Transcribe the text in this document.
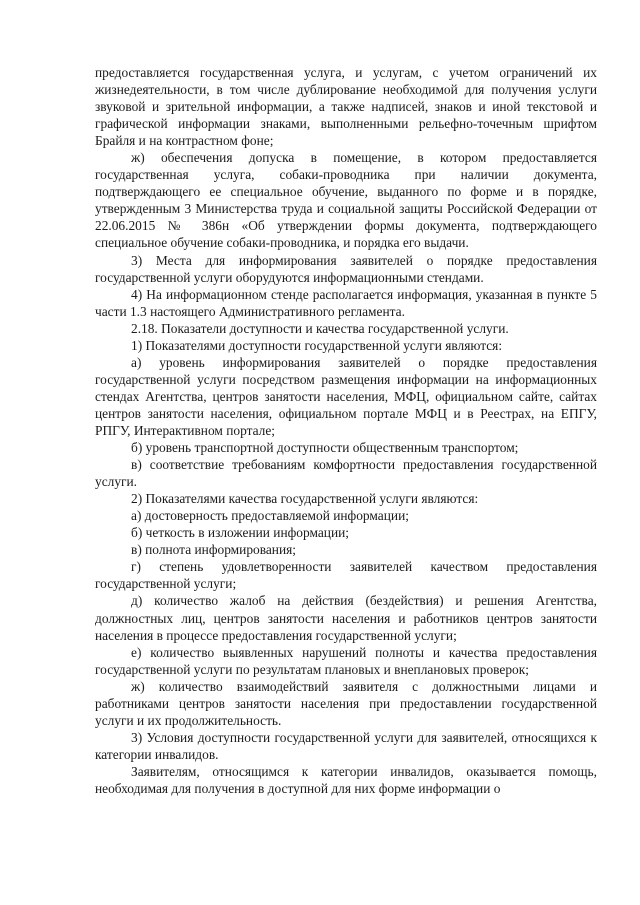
предоставляется государственная услуга, и услугам, с учетом ограничений их жизнедеятельности, в том числе дублирование необходимой для получения услуги звуковой и зрительной информации, а также надписей, знаков и иной текстовой и графической информации знаками, выполненными рельефно-точечным шрифтом Брайля и на контрастном фоне;

ж) обеспечения допуска в помещение, в котором предоставляется государственная услуга, собаки-проводника при наличии документа, подтверждающего ее специальное обучение, выданного по форме и в порядке, утвержденным 3 Министерства труда и социальной защиты Российской Федерации от 22.06.2015 № 386н «Об утверждении формы документа, подтверждающего специальное обучение собаки-проводника, и порядка его выдачи.

3) Места для информирования заявителей о порядке предоставления государственной услуги оборудуются информационными стендами.

4) На информационном стенде располагается информация, указанная в пункте 5 части 1.3 настоящего Административного регламента.

2.18. Показатели доступности и качества государственной услуги.

1) Показателями доступности государственной услуги являются:

а) уровень информирования заявителей о порядке предоставления государственной услуги посредством размещения информации на информационных стендах Агентства, центров занятости населения, МФЦ, официальном сайте, сайтах центров занятости населения, официальном портале МФЦ и в Реестрах, на ЕПГУ, РПГУ, Интерактивном портале;

б) уровень транспортной доступности общественным транспортом;

в) соответствие требованиям комфортности предоставления государственной услуги.

2) Показателями качества государственной услуги являются:

а) достоверность предоставляемой информации;

б) четкость в изложении информации;

в) полнота информирования;

г) степень удовлетворенности заявителей качеством предоставления государственной услуги;

д) количество жалоб на действия (бездействия) и решения Агентства, должностных лиц, центров занятости населения и работников центров занятости населения в процессе предоставления государственной услуги;

е) количество выявленных нарушений полноты и качества предоставления государственной услуги по результатам плановых и внеплановых проверок;

ж) количество взаимодействий заявителя с должностными лицами и работниками центров занятости населения при предоставлении государственной услуги и их продолжительность.

3) Условия доступности государственной услуги для заявителей, относящихся к категории инвалидов.

Заявителям, относящимся к категории инвалидов, оказывается помощь, необходимая для получения в доступной для них форме информации о
